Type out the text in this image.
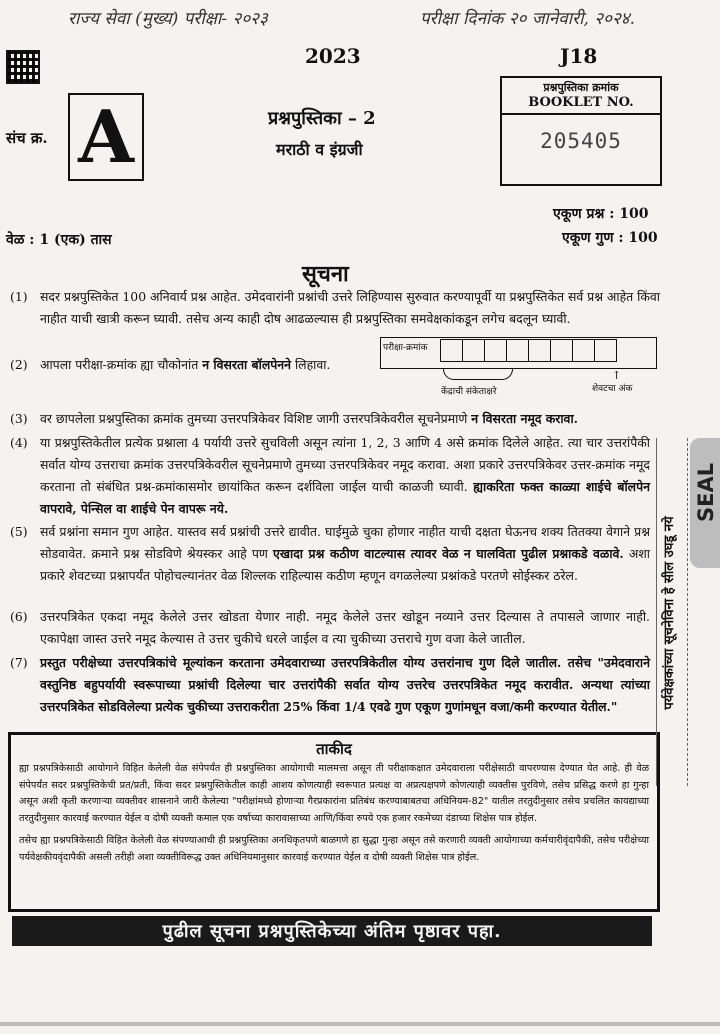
राज्य सेवा (मुख्य) परीक्षा- २०२३	परीक्षा दिनांक २० जानेवारी, २०२४.
2023	J18
संच क्र. A	प्रश्नपुस्तिका – 2
मराठी व इंग्रजी
प्रश्नपुस्तिका क्रमांक
BOOKLET NO.
205405
एकूण प्रश्न : 100
वेळ : 1 (एक) तास	एकूण गुण : 100
सूचना
(1) सदर प्रश्नपुस्तिकेत 100 अनिवार्य प्रश्न आहेत. उमेदवारांनी प्रश्नांची उत्तरे लिहिण्यास सुरुवात करण्यापूर्वी या प्रश्नपुस्तिकेत सर्व प्रश्न आहेत किंवा नाहीत याची खात्री करून घ्यावी. तसेच अन्य काही दोष आढळल्यास ही प्रश्नपुस्तिका समवेक्षकांकडून लगेच बदलून घ्यावी.
(2) आपला परीक्षा-क्रमांक ह्या चौकोनांत न विसरता बॉलपेनने लिहावा.
परीक्षा-क्रमांक
केंद्राची संकेताक्षरे
↑
शेवटचा अंक
(3) वर छापलेला प्रश्नपुस्तिका क्रमांक तुमच्या उत्तरपत्रिकेवर विशिष्ट जागी उत्तरपत्रिकेवरील सूचनेप्रमाणे न विसरता नमूद करावा.
(4) या प्रश्नपुस्तिकेतील प्रत्येक प्रश्नाला 4 पर्यायी उत्तरे सुचविली असून त्यांना 1, 2, 3 आणि 4 असे क्रमांक दिलेले आहेत. त्या चार उत्तरांपैकी सर्वात योग्य उत्तराचा क्रमांक उत्तरपत्रिकेवरील सूचनेप्रमाणे तुमच्या उत्तरपत्रिकेवर नमूद करावा. अशा प्रकारे उत्तरपत्रिकेवर उत्तर-क्रमांक नमूद करताना तो संबंधित प्रश्न-क्रमांकासमोर छायांकित करून दर्शविला जाईल याची काळजी घ्यावी. ह्याकरिता फक्त काळ्या शाईचे बॉलपेन वापरावे, पेन्सिल वा शाईचे पेन वापरू नये.
(5) सर्व प्रश्नांना समान गुण आहेत. यास्तव सर्व प्रश्नांची उत्तरे द्यावीत. घाईमुळे चुका होणार नाहीत याची दक्षता घेऊनच शक्य तितक्या वेगाने प्रश्न सोडवावेत. क्रमाने प्रश्न सोडविणे श्रेयस्कर आहे पण एखादा प्रश्न कठीण वाटल्यास त्यावर वेळ न घालविता पुढील प्रश्नाकडे वळावे. अशा प्रकारे शेवटच्या प्रश्नापर्यंत पोहोचल्यानंतर वेळ शिल्लक राहिल्यास कठीण म्हणून वगळलेल्या प्रश्नांकडे परतणे सोईस्कर ठरेल.
(6) उत्तरपत्रिकेत एकदा नमूद केलेले उत्तर खोडता येणार नाही. नमूद केलेले उत्तर खोडून नव्याने उत्तर दिल्यास ते तपासले जाणार नाही. एकापेक्षा जास्त उत्तरे नमूद केल्यास ते उत्तर चुकीचे धरले जाईल व त्या चुकीच्या उत्तराचे गुण वजा केले जातील.
(7) प्रस्तुत परीक्षेच्या उत्तरपत्रिकांचे मूल्यांकन करताना उमेदवाराच्या उत्तरपत्रिकेतील योग्य उत्तरांनाच गुण दिले जातील. तसेच "उमेदवाराने वस्तुनिष्ठ बहुपर्यायी स्वरूपाच्या प्रश्नांची दिलेल्या चार उत्तरांपैकी सर्वात योग्य उत्तरेच उत्तरपत्रिकेत नमूद करावीत. अन्यथा त्यांच्या उत्तरपत्रिकेत सोडविलेल्या प्रत्येक चुकीच्या उत्तराकरीता 25% किंवा 1/4 एवढे गुण एकूण गुणांमधून वजा/कमी करण्यात येतील."
ताकीद
ह्या प्रश्नपत्रिकेसाठी आयोगाने विहित केलेली वेळ संपेपर्यंत ही प्रश्नपुस्तिका आयोगाची मालमत्ता असून ती परीक्षाकक्षात उमेदवाराला परीक्षेसाठी वापरण्यास देण्यात येत आहे. ही वेळ संपेपर्यंत सदर प्रश्नपुस्तिकेची प्रत/प्रती, किंवा सदर प्रश्नपुस्तिकेतील काही आशय कोणत्याही स्वरूपात प्रत्यक्ष वा अप्रत्यक्षपणे कोणत्याही व्यक्तीस पुरविणे, तसेच प्रसिद्ध करणे हा गुन्हा असून अशी कृती करणाऱ्या व्यक्तीवर शासनाने जारी केलेल्या "परीक्षांमध्ये होणाऱ्या गैरप्रकारांना प्रतिबंध करण्याबाबतचा अधिनियम-82" यातील तरतुदीनुसार तसेच प्रचलित कायद्याच्या तरतुदीनुसार कारवाई करण्यात येईल व दोषी व्यक्ती कमाल एक वर्षाच्या कारावासाच्या आणि/किंवा रुपये एक हजार रकमेच्या दंडाच्या शिक्षेस पात्र होईल.
तसेच ह्या प्रश्नपत्रिकेसाठी विहित केलेली वेळ संपण्याआधी ही प्रश्नपुस्तिका अनधिकृतपणे बाळगणे हा सुद्धा गुन्हा असून तसे करणारी व्यक्ती आयोगाच्या कर्मचारीवृंदापैकी, तसेच परीक्षेच्या पर्यवेक्षकीयवृंदापैकी असली तरीही अशा व्यक्तीविरूद्ध उक्त अधिनियमानुसार कारवाई करण्यात येईल व दोषी व्यक्ती शिक्षेस पात्र होईल.
पुढील सूचना प्रश्नपुस्तिकेच्या अंतिम पृष्ठावर पहा.
पर्यवेक्षकांच्या सूचनेविना हे सील उघडू नये
SEAL
